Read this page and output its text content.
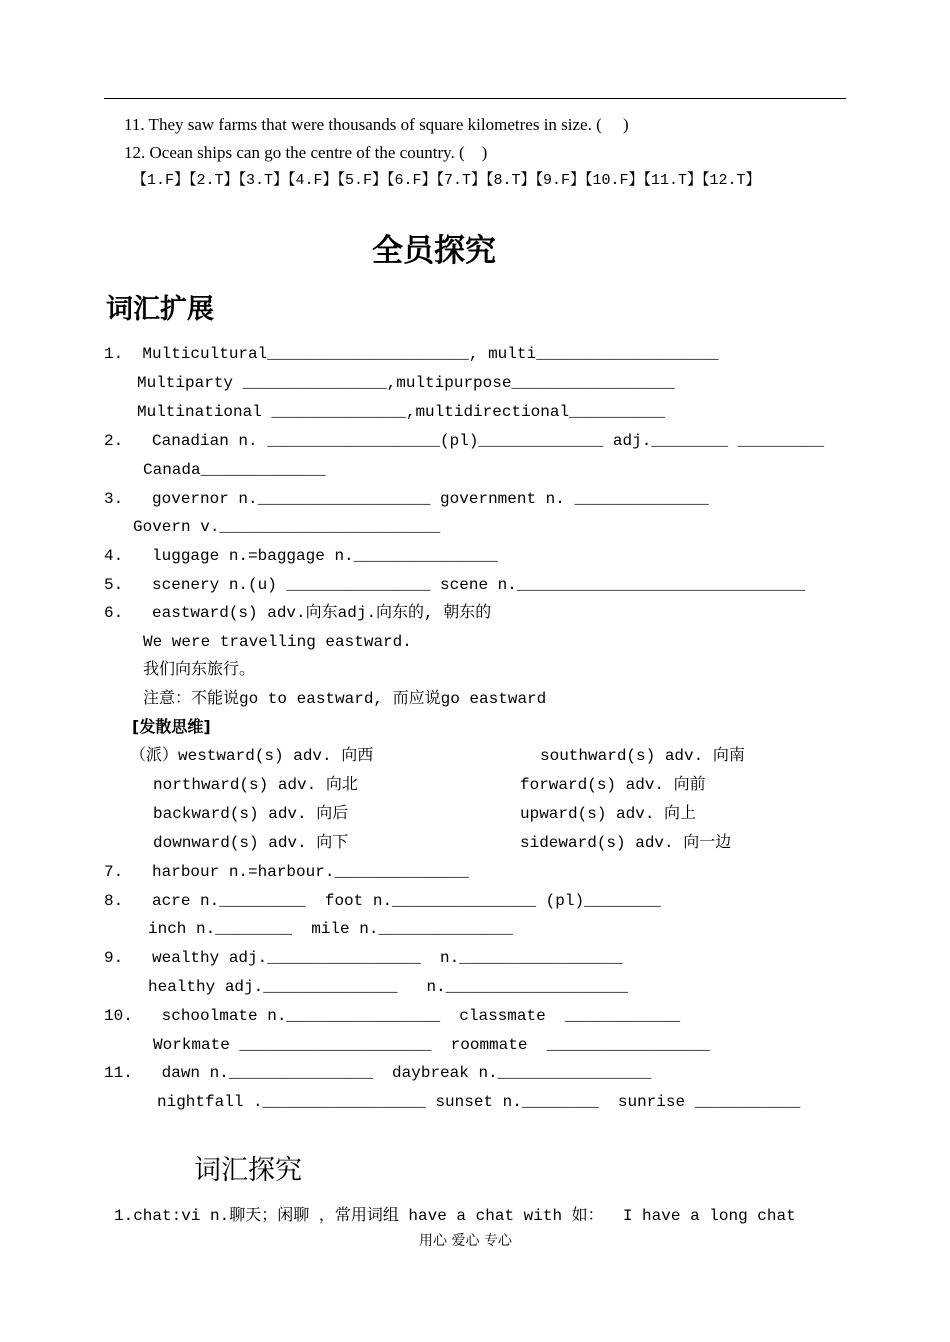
11. They saw farms that were thousands of square kilometres in size. (     )
12. Ocean ships can go the centre of the country. (    )
【1.F】【2.T】【3.T】【4.F】【5.F】【6.F】【7.T】【8.T】【9.F】【10.F】【11.T】【12.T】
全员探究
词汇扩展
1.  Multicultural_____________________, multi___________________
Multiparty _______________,multipurpose_________________
Multinational ______________,multidirectional__________
2.   Canadian n. __________________(pl)_____________ adj.________ _________
Canada_____________
3.   governor n.__________________ government n. ______________
Govern v._______________________
4.   luggage n.=baggage n._______________
5.   scenery n.(u) _______________ scene n.______________________________
6.   eastward(s) adv.向东adj.向东的, 朝东的
We were travelling eastward.
我们向东旅行。
注意：不能说go to eastward, 而应说go eastward
[发散思维]
（派）westward(s) adv. 向西	southward(s) adv. 向南
northward(s) adv. 向北	forward(s) adv. 向前
backward(s) adv. 向后	upward(s) adv. 向上
downward(s) adv. 向下	sideward(s) adv. 向一边
7.   harbour n.=harbour.______________
8.   acre n._________  foot n._______________ (pl)________
inch n.________  mile n.______________
9.   wealthy adj.________________  n._________________
healthy adj.______________   n.___________________
10.   schoolmate n.________________  classmate  ____________
Workmate ____________________  roommate  _________________
11.   dawn n._______________  daybreak n.________________
nightfall ._________________ sunset n.________  sunrise ___________
词汇探究
1.chat:vi n.聊天；闲聊 ，常用词组 have a chat with 如：  I have a long chat
用心 爱心 专心
